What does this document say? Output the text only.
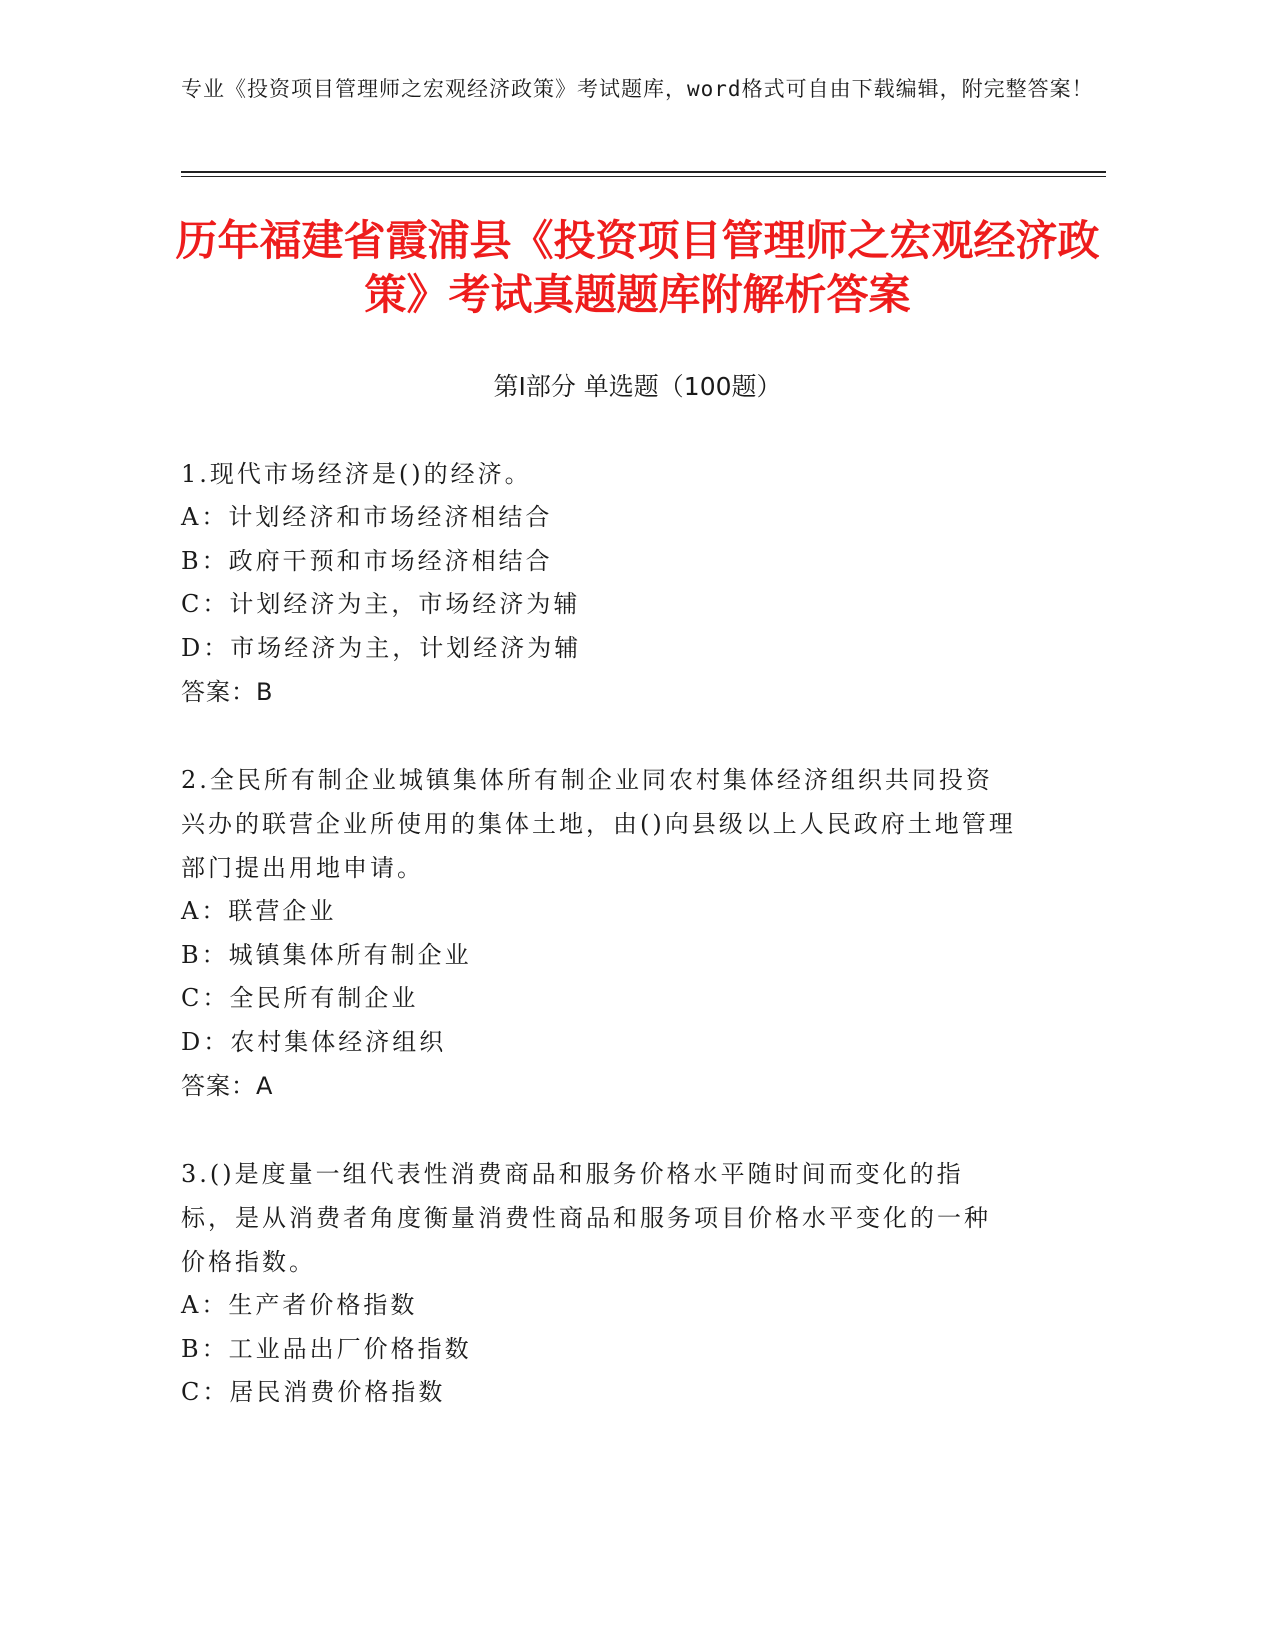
专业《投资项目管理师之宏观经济政策》考试题库，word格式可自由下载编辑，附完整答案！
历年福建省霞浦县《投资项目管理师之宏观经济政策》考试真题题库附解析答案
第Ⅰ部分 单选题（100题）

1.现代市场经济是()的经济。

A：计划经济和市场经济相结合

B：政府干预和市场经济相结合

C：计划经济为主，市场经济为辅

D：市场经济为主，计划经济为辅

答案：B

2.全民所有制企业城镇集体所有制企业同农村集体经济组织共同投资兴办的联营企业所使用的集体土地，由()向县级以上人民政府土地管理部门提出用地申请。

A：联营企业

B：城镇集体所有制企业

C：全民所有制企业

D：农村集体经济组织

答案：A

3.()是度量一组代表性消费商品和服务价格水平随时间而变化的指标，是从消费者角度衡量消费性商品和服务项目价格水平变化的一种价格指数。

A：生产者价格指数

B：工业品出厂价格指数

C：居民消费价格指数
